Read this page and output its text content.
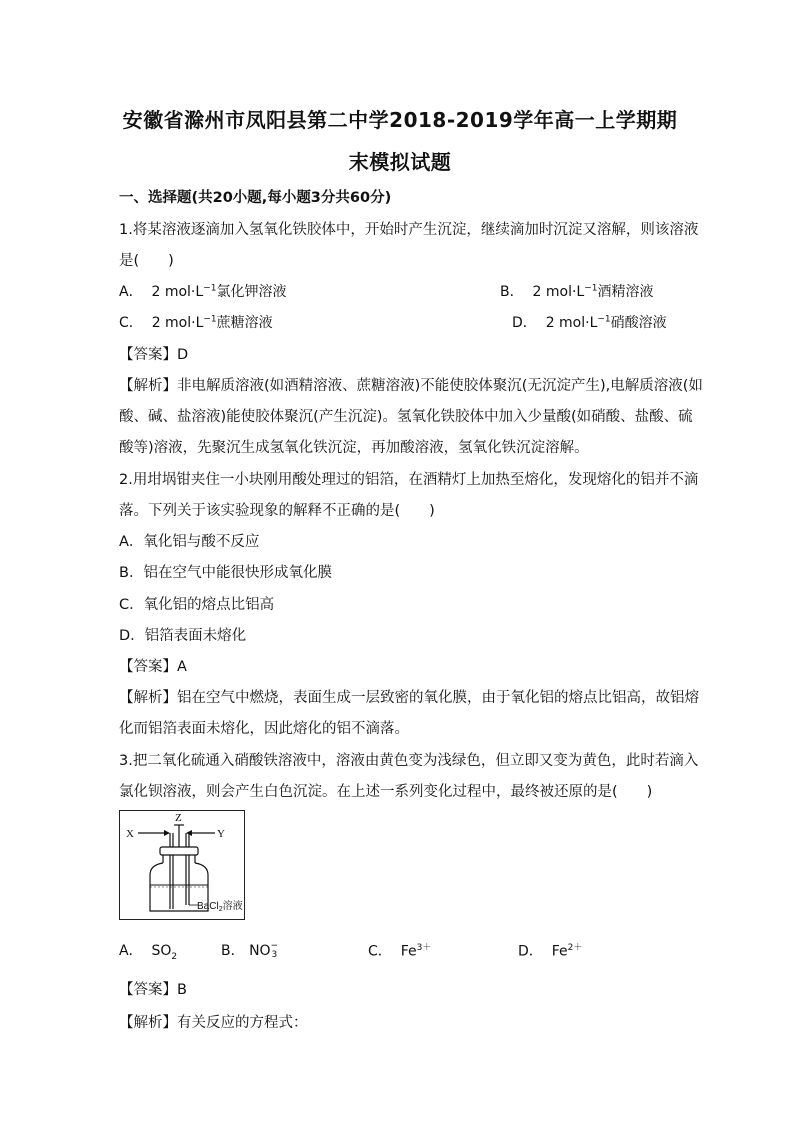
安徽省滁州市凤阳县第二中学2018-2019学年高一上学期期
末模拟试题
一、选择题(共20小题,每小题3分共60分)
1.将某溶液逐滴加入氢氧化铁胶体中，开始时产生沉淀，继续滴加时沉淀又溶解，则该溶液
是(　　)
A． 2 $mol\cdot L^{-1}$氯化钾溶液	B． 2 $mol\cdot L^{-1}$酒精溶液
C． 2 $mol\cdot L^{-1}$蔗糖溶液	D． 2 $mol\cdot L^{-1}$硝酸溶液
【答案】D
【解析】非电解质溶液(如酒精溶液、蔗糖溶液)不能使胶体聚沉(无沉淀产生),电解质溶液(如
酸、碱、盐溶液)能使胶体聚沉(产生沉淀)。氢氧化铁胶体中加入少量酸(如硝酸、盐酸、硫
酸等)溶液，先聚沉生成氢氧化铁沉淀，再加酸溶液，氢氧化铁沉淀溶解。
2.用坩埚钳夹住一小块刚用酸处理过的铝箔，在酒精灯上加热至熔化，发现熔化的铝并不滴
落。下列关于该实验现象的解释不正确的是(　　)
A．氧化铝与酸不反应
B．铝在空气中能很快形成氧化膜
C．氧化铝的熔点比铝高
D．铝箔表面未熔化
【答案】A
【解析】铝在空气中燃烧，表面生成一层致密的氧化膜，由于氧化铝的熔点比铝高，故铝熔
化而铝箔表面未熔化，因此熔化的铝不滴落。
3.把二氧化硫通入硝酸铁溶液中，溶液由黄色变为浅绿色，但立即又变为黄色，此时若滴入
氯化钡溶液，则会产生白色沉淀。在上述一系列变化过程中，最终被还原的是(　　)
X	Y
Z
BaCl$_2$溶液
A． $SO_2$	B． NO −
3	C． $Fe^{3+}$	D． $Fe^{2+}$
【答案】B
【解析】有关反应的方程式：
